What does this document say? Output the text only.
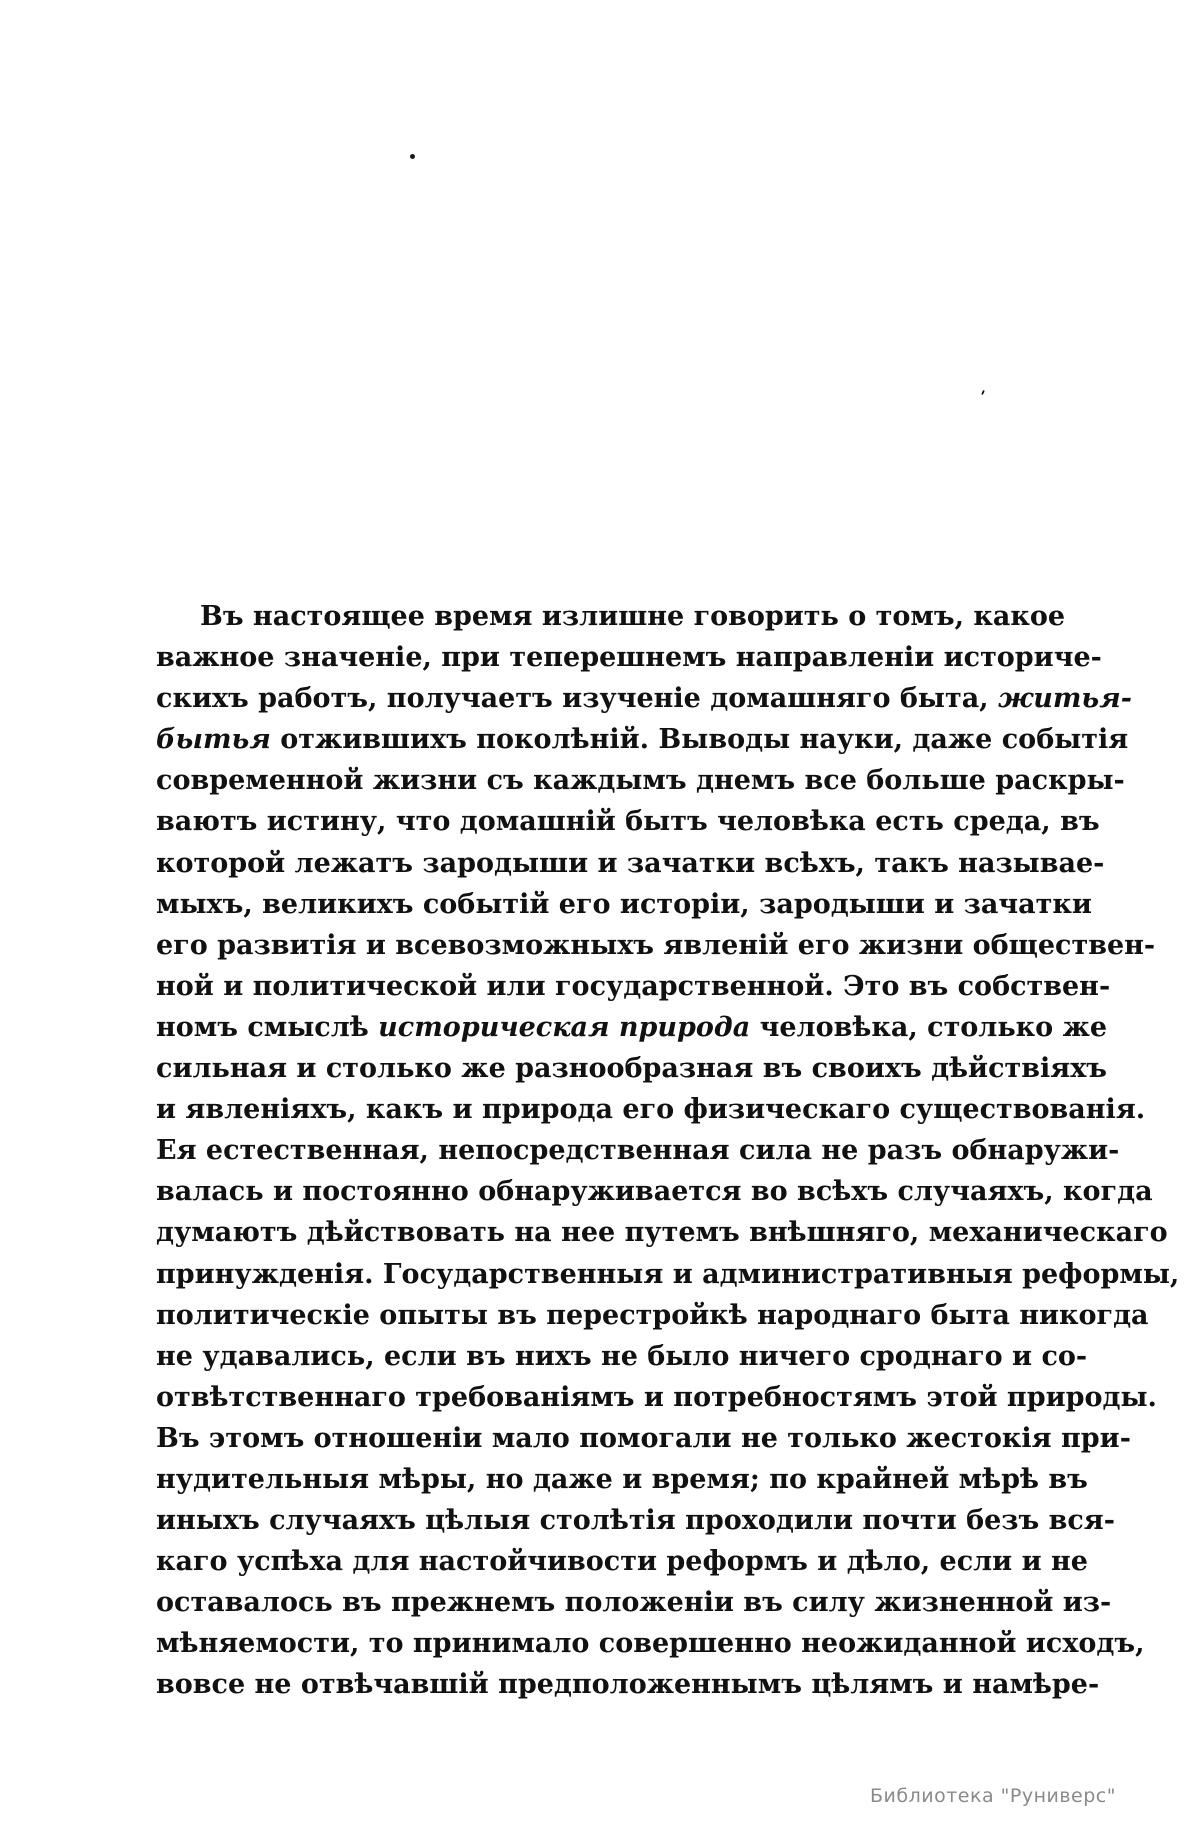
Въ настоящее время излишне говорить о томъ, какое
важное значеніе, при теперешнемъ направленіи историче-
скихъ работъ, получаетъ изученіе домашняго быта, житья-
бытья отжившихъ поколѣній. Выводы науки, даже событія
современной жизни съ каждымъ днемъ все больше раскры-
ваютъ истину, что домашній бытъ человѣка есть среда, въ
которой лежатъ зародыши и зачатки всѣхъ, такъ называе-
мыхъ, великихъ событій его исторіи, зародыши и зачатки
его развитія и всевозможныхъ явленій его жизни обществен-
ной и политической или государственной. Это въ собствен-
номъ смыслѣ историческая природа человѣка, столько же
сильная и столько же разнообразная въ своихъ дѣйствіяхъ
и явленіяхъ, какъ и природа его физическаго существованія.
Ея естественная, непосредственная сила не разъ обнаружи-
валась и постоянно обнаруживается во всѣхъ случаяхъ, когда
думаютъ дѣйствовать на нее путемъ внѣшняго, механическаго
принужденія. Государственныя и административныя реформы,
политическіе опыты въ перестройкѣ народнаго быта никогда
не удавались, если въ нихъ не было ничего сроднаго и со-
отвѣтственнаго требованіямъ и потребностямъ этой природы.
Въ этомъ отношеніи мало помогали не только жестокія при-
нудительныя мѣры, но даже и время; по крайней мѣрѣ въ
иныхъ случаяхъ цѣлыя столѣтія проходили почти безъ вся-
каго успѣха для настойчивости реформъ и дѣло, если и не
оставалось въ прежнемъ положеніи въ силу жизненной из-
мѣняемости, то принимало совершенно неожиданной исходъ,
вовсе не отвѣчавшій предположеннымъ цѣлямъ и намѣре-
Библиотека "Руниверс"
